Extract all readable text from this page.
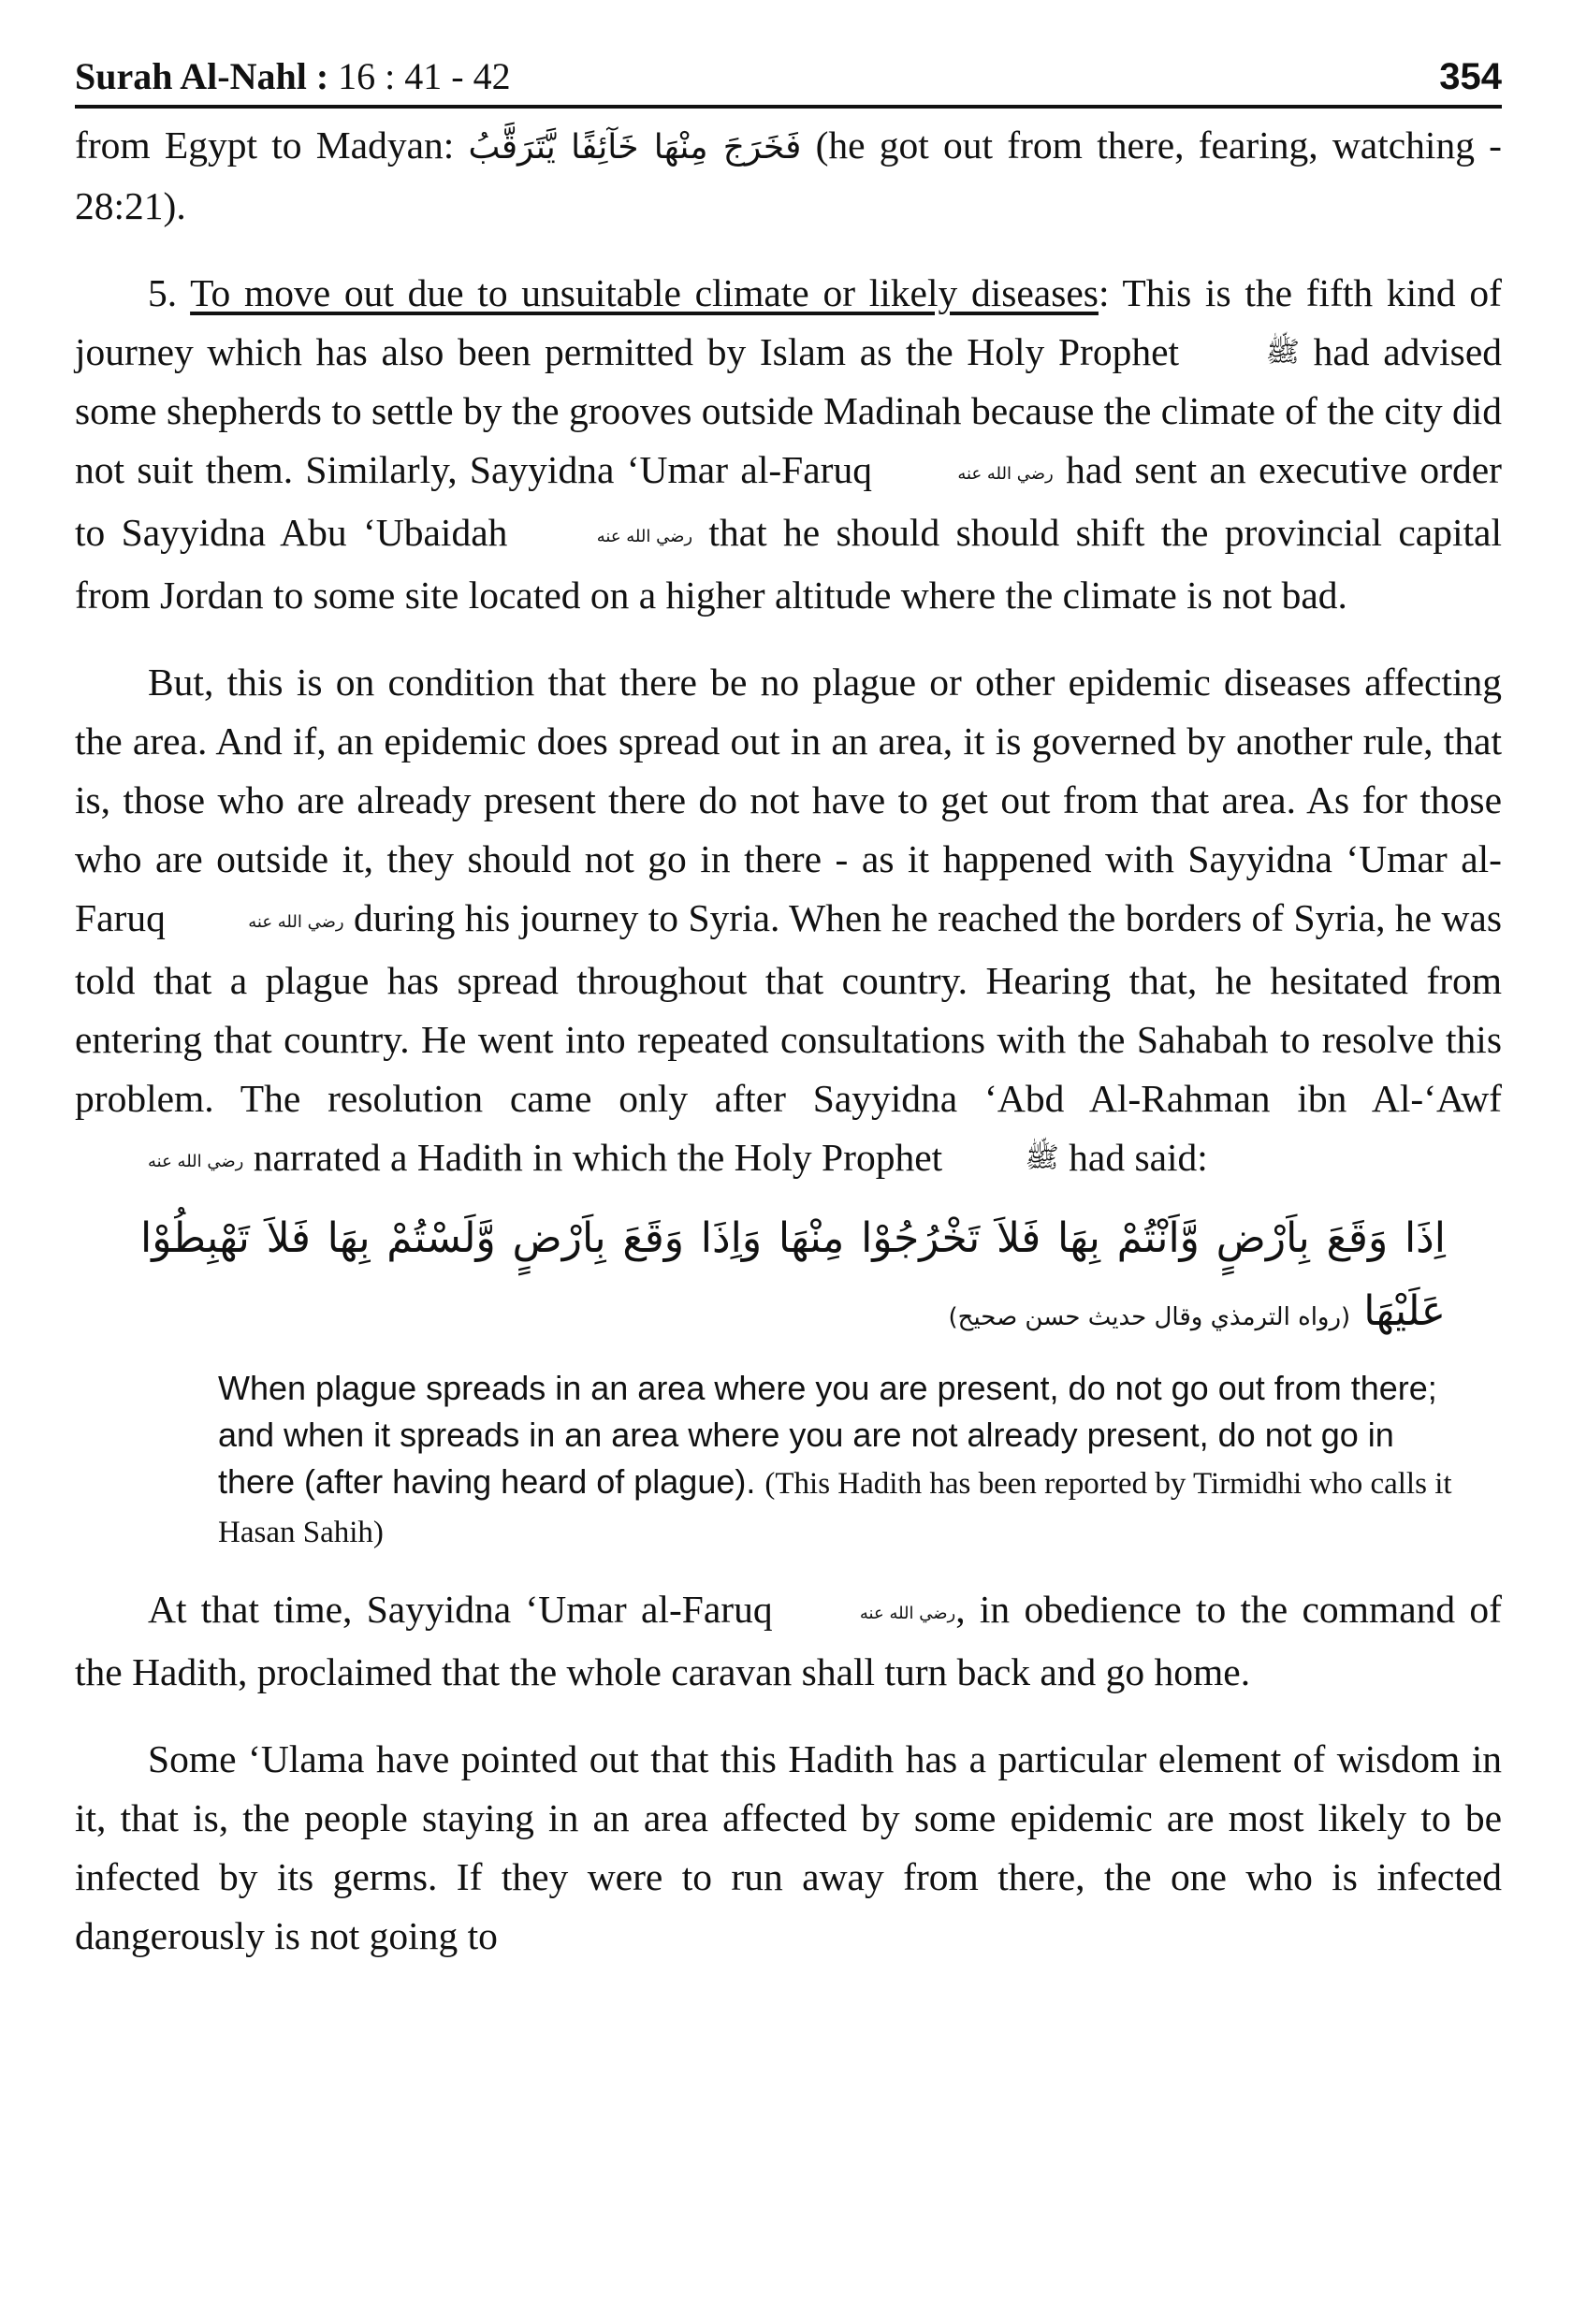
Surah Al-Nahl : 16 : 41 - 42	354

from Egypt to Madyan: فَخَرَجَ مِنْهَا خَآئِفًا يَّتَرَقَّبُ (he got out from there, fearing, watching - 28:21).

5. To move out due to unsuitable climate or likely diseases: This is the fifth kind of journey which has also been permitted by Islam as the Holy Prophet	ﷺ had advised some shepherds to settle by the grooves outside Madinah because the climate of the city did not suit them. Similarly, Sayyidna ‘Umar al-Faruq	رضي الله عنه had sent an executive order to Sayyidna Abu ‘Ubaidah	رضي الله عنه that he should should shift the provincial capital from Jordan to some site located on a higher altitude where the climate is not bad.

But, this is on condition that there be no plague or other epidemic diseases affecting the area. And if, an epidemic does spread out in an area, it is governed by another rule, that is, those who are already present there do not have to get out from that area. As for those who are outside it, they should not go in there - as it happened with Sayyidna ‘Umar al-Faruq	رضي الله عنه during his journey to Syria. When he reached the borders of Syria, he was told that a plague has spread throughout that country. Hearing that, he hesitated from entering that country. He went into repeated consultations with the Sahabah to resolve this problem. The resolution came only after Sayyidna ‘Abd Al-Rahman ibn Al-‘Awf رضي الله عنه narrated a Hadith in which the Holy Prophet	ﷺ had said:

اِذَا وَقَعَ بِاَرْضٍ وَّاَنْتُمْ بِهَا فَلاَ تَخْرُجُوْا مِنْهَا وَاِذَا وَقَعَ بِاَرْضٍ وَّلَسْتُمْ بِهَا فَلاَ تَهْبِطُوْا عَلَيْهَا (رواه الترمذي وقال حديث حسن صحيح)
When plague spreads in an area where you are present, do not go out from there; and when it spreads in an area where you are not already present, do not go in there (after having heard of plague). (This Hadith has been reported by Tirmidhi who calls it Hasan Sahih)

At that time, Sayyidna ‘Umar al-Faruq	رضي الله عنه, in obedience to the command of the Hadith, proclaimed that the whole caravan shall turn back and go home.

Some ‘Ulama have pointed out that this Hadith has a particular element of wisdom in it, that is, the people staying in an area affected by some epidemic are most likely to be infected by its germs. If they were to run away from there, the one who is infected dangerously is not going to
